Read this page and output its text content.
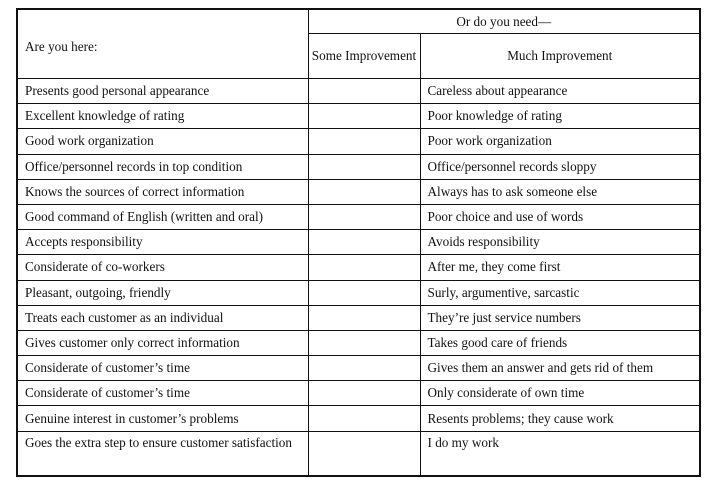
Are you here:	Or do you need—	
	Some Improvement	Much Improvement
Presents good personal appearance		Careless about appearance
Excellent knowledge of rating		Poor knowledge of rating
Good work organization		Poor work organization
Office/personnel records in top condition		Office/personnel records sloppy
Knows the sources of correct information		Always has to ask someone else
Good command of English (written and oral)		Poor choice and use of words
Accepts responsibility		Avoids responsibility
Considerate of co-workers		After me, they come first
Pleasant, outgoing, friendly		Surly, argumentive, sarcastic
Treats each customer as an individual		They’re just service numbers
Gives customer only correct information		Takes good care of friends
Considerate of customer’s time		Gives them an answer and gets rid of them
Considerate of customer’s time		Only considerate of own time
Genuine interest in customer’s problems		Resents problems; they cause work
Goes the extra step to ensure customer satisfaction		I do my work
